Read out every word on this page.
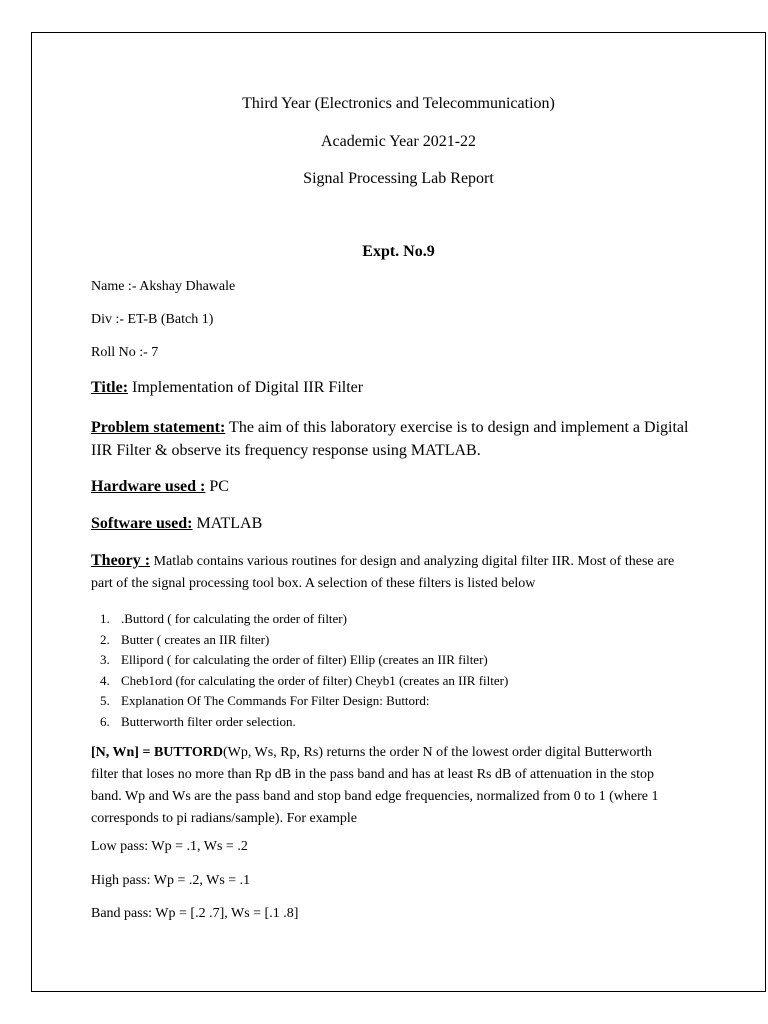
Third Year (Electronics and Telecommunication)

Academic Year 2021-22

Signal Processing Lab Report

Expt. No.9

Name :- Akshay Dhawale

Div :- ET-B (Batch 1)

Roll No :- 7

Title: Implementation of Digital IIR Filter

Problem statement: The aim of this laboratory exercise is to design and implement a Digital IIR Filter & observe its frequency response using MATLAB.

Hardware used : PC

Software used: MATLAB

Theory : Matlab contains various routines for design and analyzing digital filter IIR. Most of these are part of the signal processing tool box. A selection of these filters is listed below

1. .Buttord ( for calculating the order of filter)
2. Butter ( creates an IIR filter)
3. Ellipord ( for calculating the order of filter) Ellip (creates an IIR filter)
4. Cheb1ord (for calculating the order of filter) Cheyb1 (creates an IIR filter)
5. Explanation Of The Commands For Filter Design: Buttord:
6. Butterworth filter order selection.

[N, Wn] = BUTTORD(Wp, Ws, Rp, Rs) returns the order N of the lowest order digital Butterworth filter that loses no more than Rp dB in the pass band and has at least Rs dB of attenuation in the stop band. Wp and Ws are the pass band and stop band edge frequencies, normalized from 0 to 1 (where 1 corresponds to pi radians/sample). For example

Low pass: Wp = .1, Ws = .2

High pass: Wp = .2, Ws = .1

Band pass: Wp = [.2 .7], Ws = [.1 .8]
